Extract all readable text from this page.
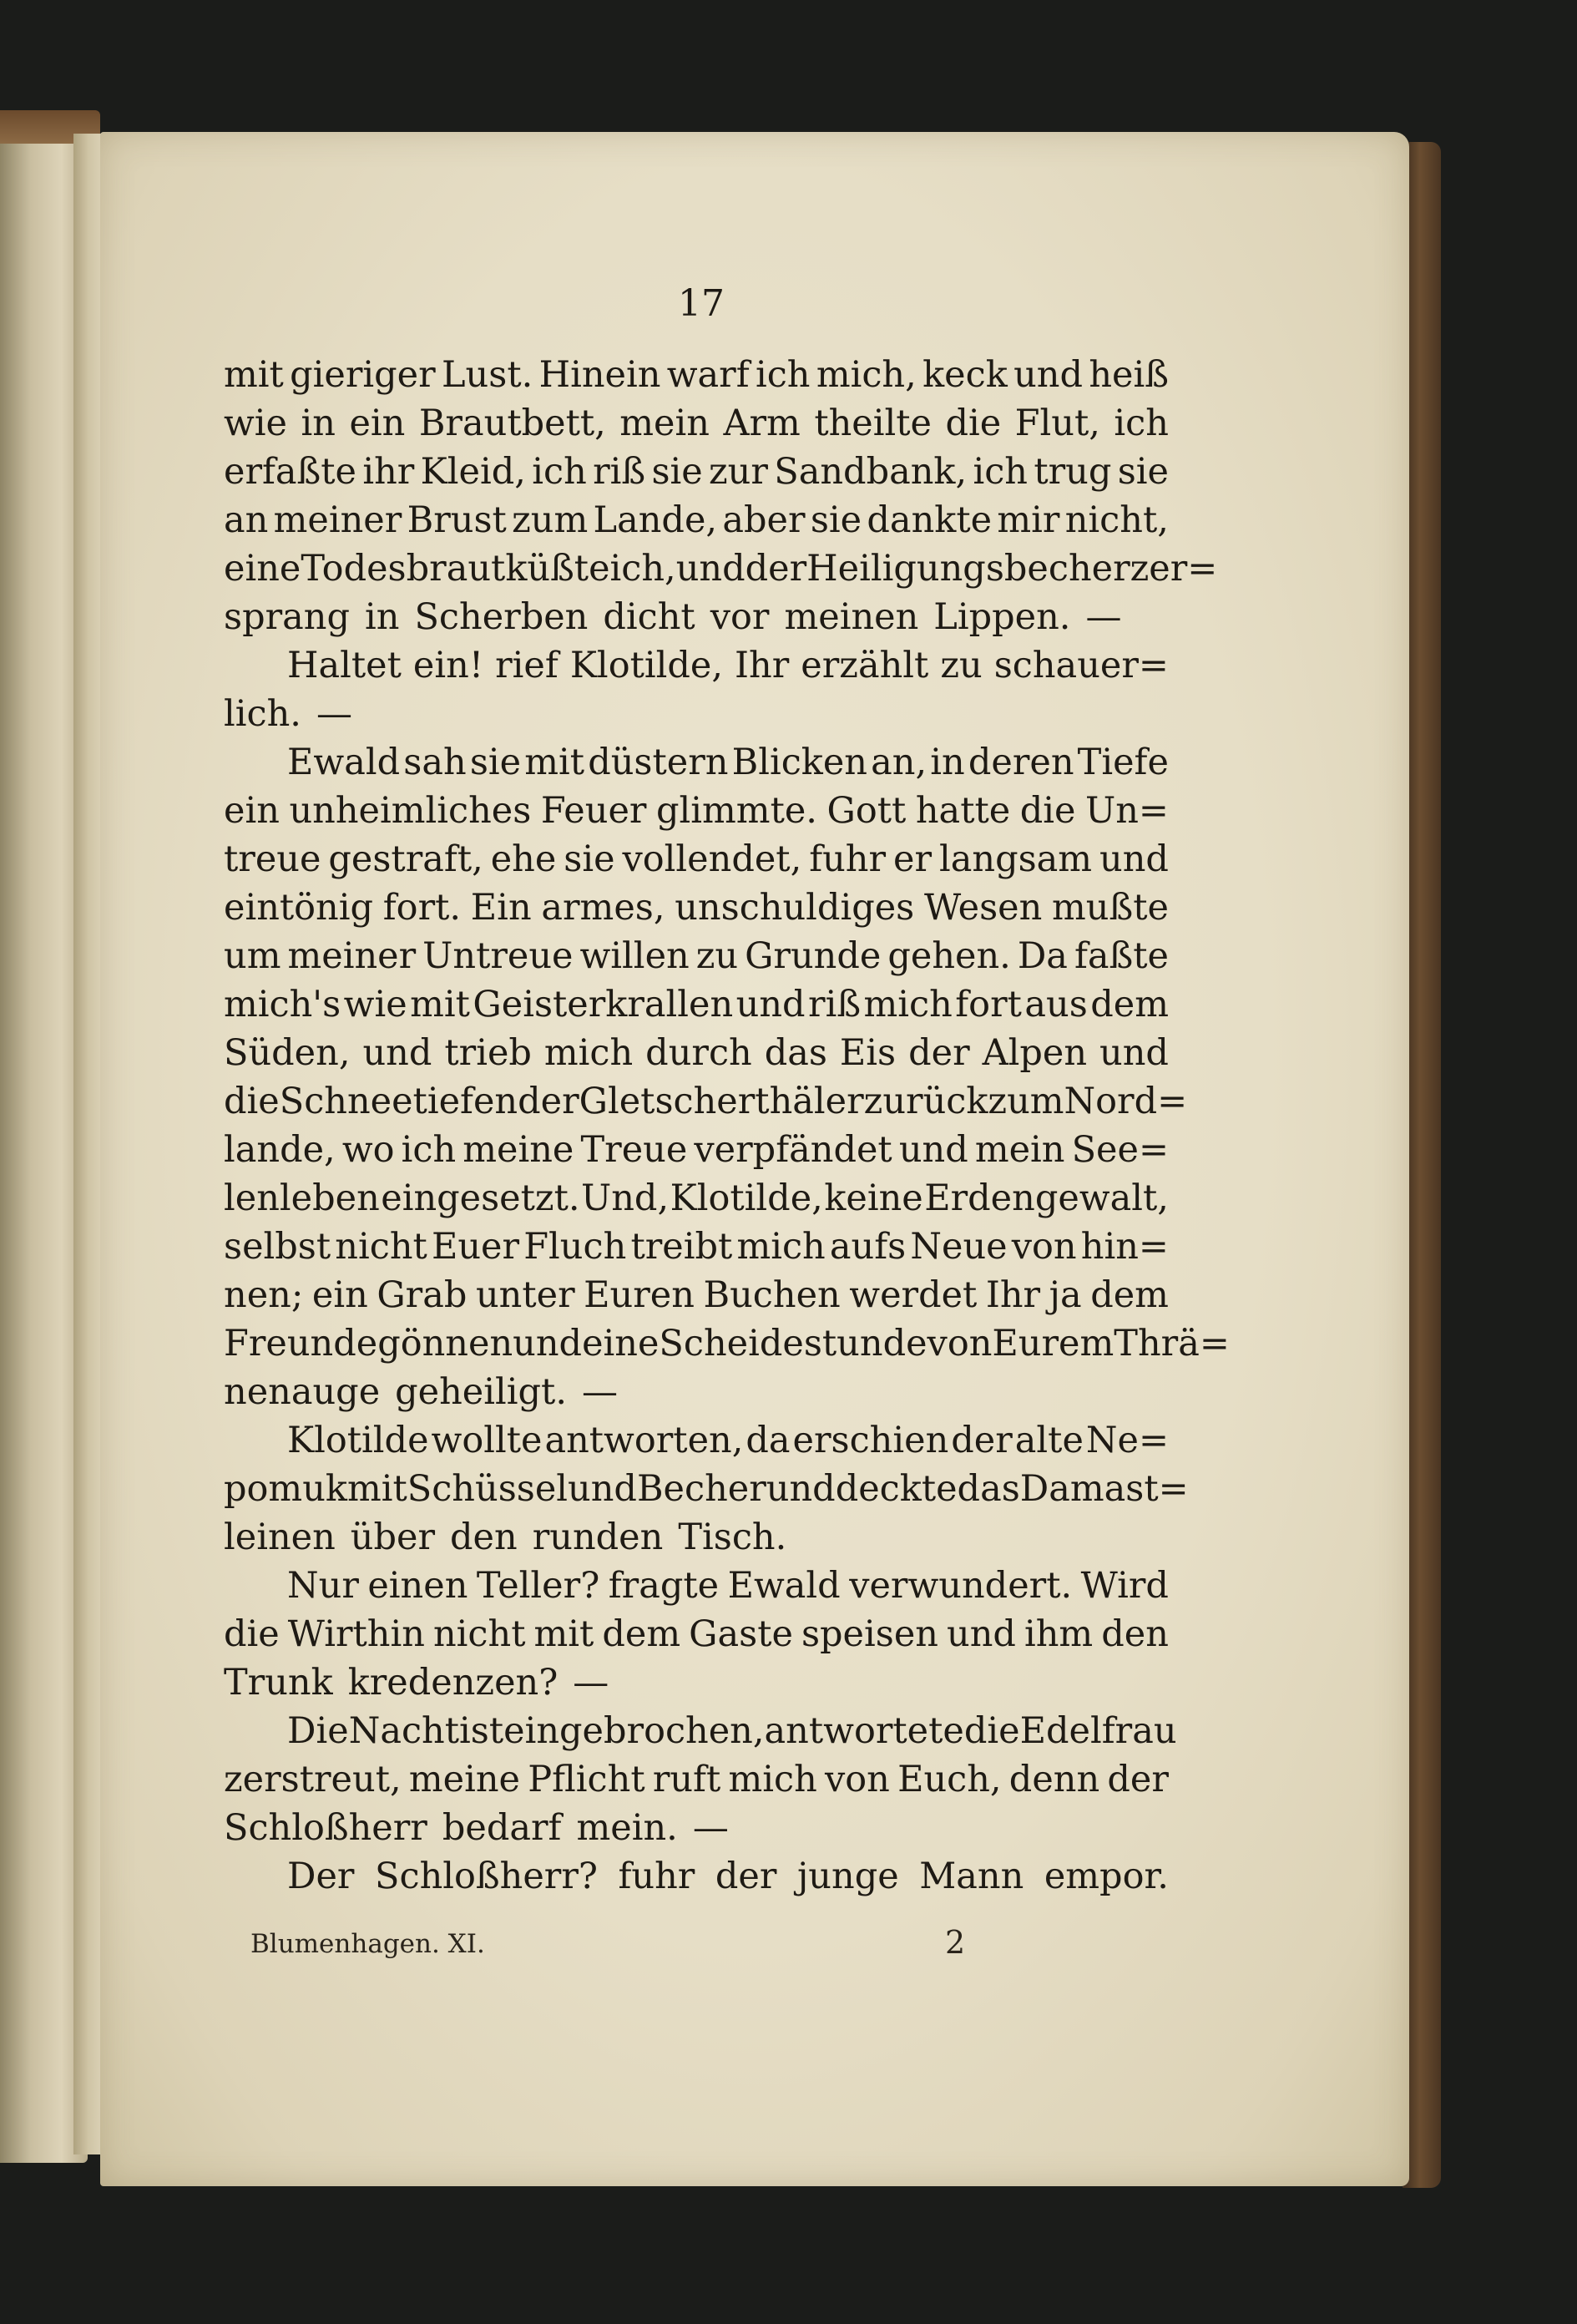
17
mit gieriger Lust. Hinein warf ich mich, keck und heiß
wie in ein Brautbett, mein Arm theilte die Flut, ich
erfaßte ihr Kleid, ich riß sie zur Sandbank, ich trug sie
an meiner Brust zum Lande, aber sie dankte mir nicht,
eine Todesbraut küßte ich, und der Heiligungsbecher zer=
sprang in Scherben dicht vor meinen Lippen. —
Haltet ein! rief Klotilde, Ihr erzählt zu schauer=
lich. —
Ewald sah sie mit düstern Blicken an, in deren Tiefe
ein unheimliches Feuer glimmte. Gott hatte die Un=
treue gestraft, ehe sie vollendet, fuhr er langsam und
eintönig fort. Ein armes, unschuldiges Wesen mußte
um meiner Untreue willen zu Grunde gehen. Da faßte
mich's wie mit Geisterkrallen und riß mich fort aus dem
Süden, und trieb mich durch das Eis der Alpen und
die Schneetiefen der Gletscherthäler zurück zum Nord=
lande, wo ich meine Treue verpfändet und mein See=
lenleben eingesetzt. Und, Klotilde, keine Erdengewalt,
selbst nicht Euer Fluch treibt mich aufs Neue von hin=
nen; ein Grab unter Euren Buchen werdet Ihr ja dem
Freunde gönnen und eine Scheidestunde von Eurem Thrä=
nenauge geheiligt. —
Klotilde wollte antworten, da erschien der alte Ne=
pomuk mit Schüssel und Becher und deckte das Damast=
leinen über den runden Tisch.
Nur einen Teller? fragte Ewald verwundert. Wird
die Wirthin nicht mit dem Gaste speisen und ihm den
Trunk kredenzen? —
Die Nacht ist eingebrochen, antwortete die Edelfrau
zerstreut, meine Pflicht ruft mich von Euch, denn der
Schloßherr bedarf mein. —
Der Schloßherr? fuhr der junge Mann empor.
Blumenhagen. XI.	2
